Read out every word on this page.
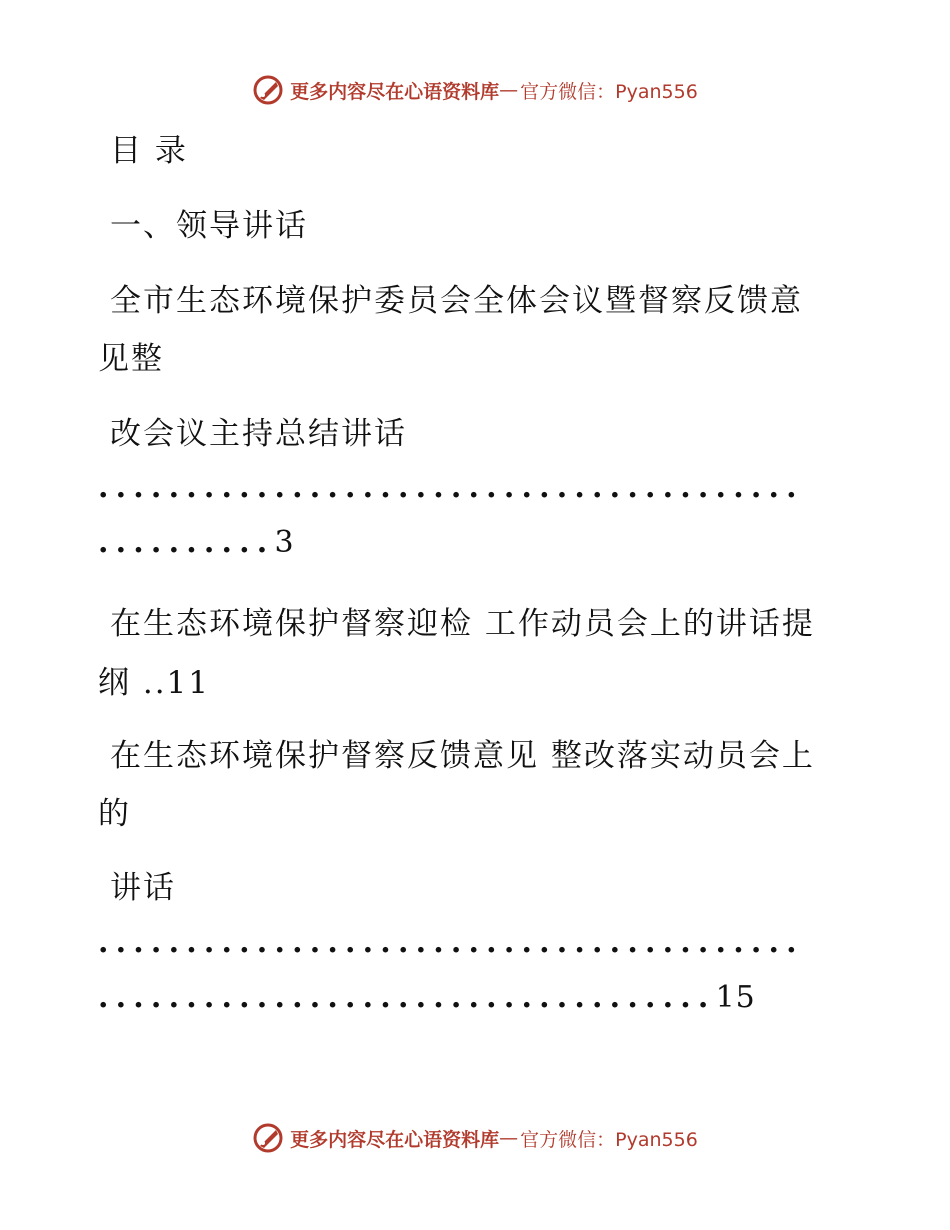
更多内容尽在心语资料库 — 官方微信：Pyan556
目 录
一、领导讲话
全市生态环境保护委员会全体会议暨督察反馈意
见整
改会议主持总结讲话
........................................
..........3
在生态环境保护督察迎检 工作动员会上的讲话提
纲 ..11
在生态环境保护督察反馈意见 整改落实动员会上
的
讲话
........................................
...................................15
更多内容尽在心语资料库 — 官方微信：Pyan556
